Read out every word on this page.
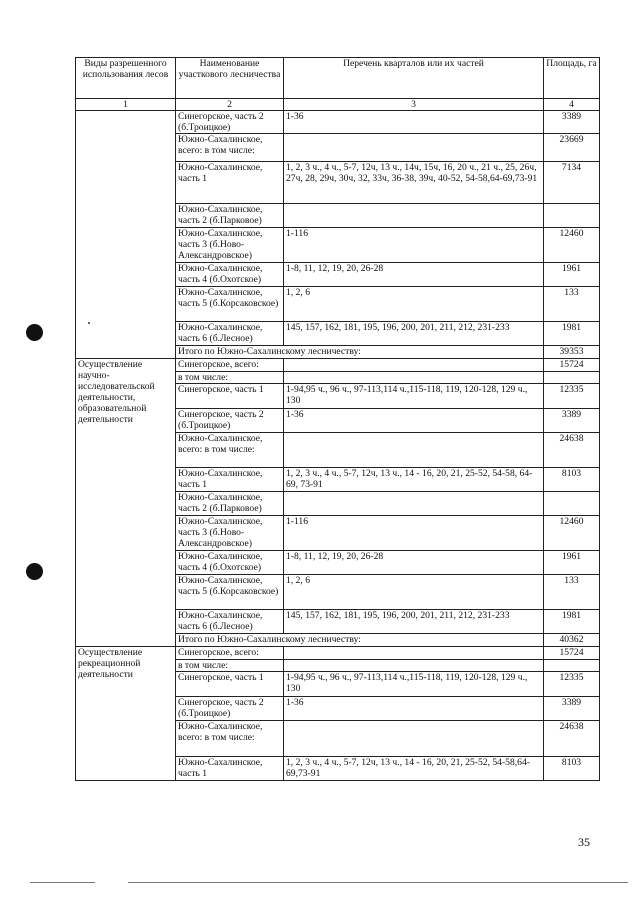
Виды разрешенного использования лесов	Наименование участкового лесничества	Перечень кварталов или их частей	Площадь, га
1	2	3	4
	Синегорское, часть 2 (б.Троицкое)	1-36	3389
	Южно-Сахалинское, всего: в том числе:		23669
	Южно-Сахалинское, часть 1	1, 2, 3 ч., 4 ч., 5-7, 12ч, 13 ч., 14ч, 15ч, 16, 20 ч., 21 ч., 25, 26ч, 27ч, 28, 29ч, 30ч, 32, 33ч, 36-38, 39ч, 40-52, 54-58,64-69,73-91	7134
	Южно-Сахалинское, часть 2 (б.Парковое)		
	Южно-Сахалинское, часть 3 (б.Ново-Александровское)	1-116	12460
	Южно-Сахалинское, часть 4 (б.Охотское)	1-8, 11, 12, 19, 20, 26-28	1961
	Южно-Сахалинское, часть 5 (б.Корсаковское)	1, 2, 6	133
	Южно-Сахалинское, часть 6 (б.Лесное)	145, 157, 162, 181, 195, 196, 200, 201, 211, 212, 231-233	1981
	Итого по Южно-Сахалинскому лесничеству:		39353
Осуществление научно-исследовательской деятельности, образовательной деятельности	Синегорское, всего:		15724
	в том числе:		
	Синегорское, часть 1	1-94,95 ч., 96 ч., 97-113,114 ч.,115-118, 119, 120-128, 129 ч., 130	12335
	Синегорское, часть 2 (б.Троицкое)	1-36	3389
	Южно-Сахалинское, всего: в том числе:		24638
	Южно-Сахалинское, часть 1	1, 2, 3 ч., 4 ч., 5-7, 12ч, 13 ч., 14 - 16, 20, 21, 25-52, 54-58, 64-69, 73-91	8103
	Южно-Сахалинское, часть 2 (б.Парковое)		
	Южно-Сахалинское, часть 3 (б.Ново-Александровское)	1-116	12460
	Южно-Сахалинское, часть 4 (б.Охотское)	1-8, 11, 12, 19, 20, 26-28	1961
	Южно-Сахалинское, часть 5 (б.Корсаковское)	1, 2, 6	133
	Южно-Сахалинское, часть 6 (б.Лесное)	145, 157, 162, 181, 195, 196, 200, 201, 211, 212, 231-233	1981
	Итого по Южно-Сахалинскому лесничеству:		40362
Осуществление рекреационной деятельности	Синегорское, всего:		15724
	в том числе:		
	Синегорское, часть 1	1-94,95 ч., 96 ч., 97-113,114 ч.,115-118, 119, 120-128, 129 ч., 130	12335
	Синегорское, часть 2 (б.Троицкое)	1-36	3389
	Южно-Сахалинское, всего: в том числе:		24638
	Южно-Сахалинское, часть 1	1, 2, 3 ч., 4 ч., 5-7, 12ч, 13 ч., 14 - 16, 20, 21, 25-52, 54-58,64-69,73-91	8103
35
